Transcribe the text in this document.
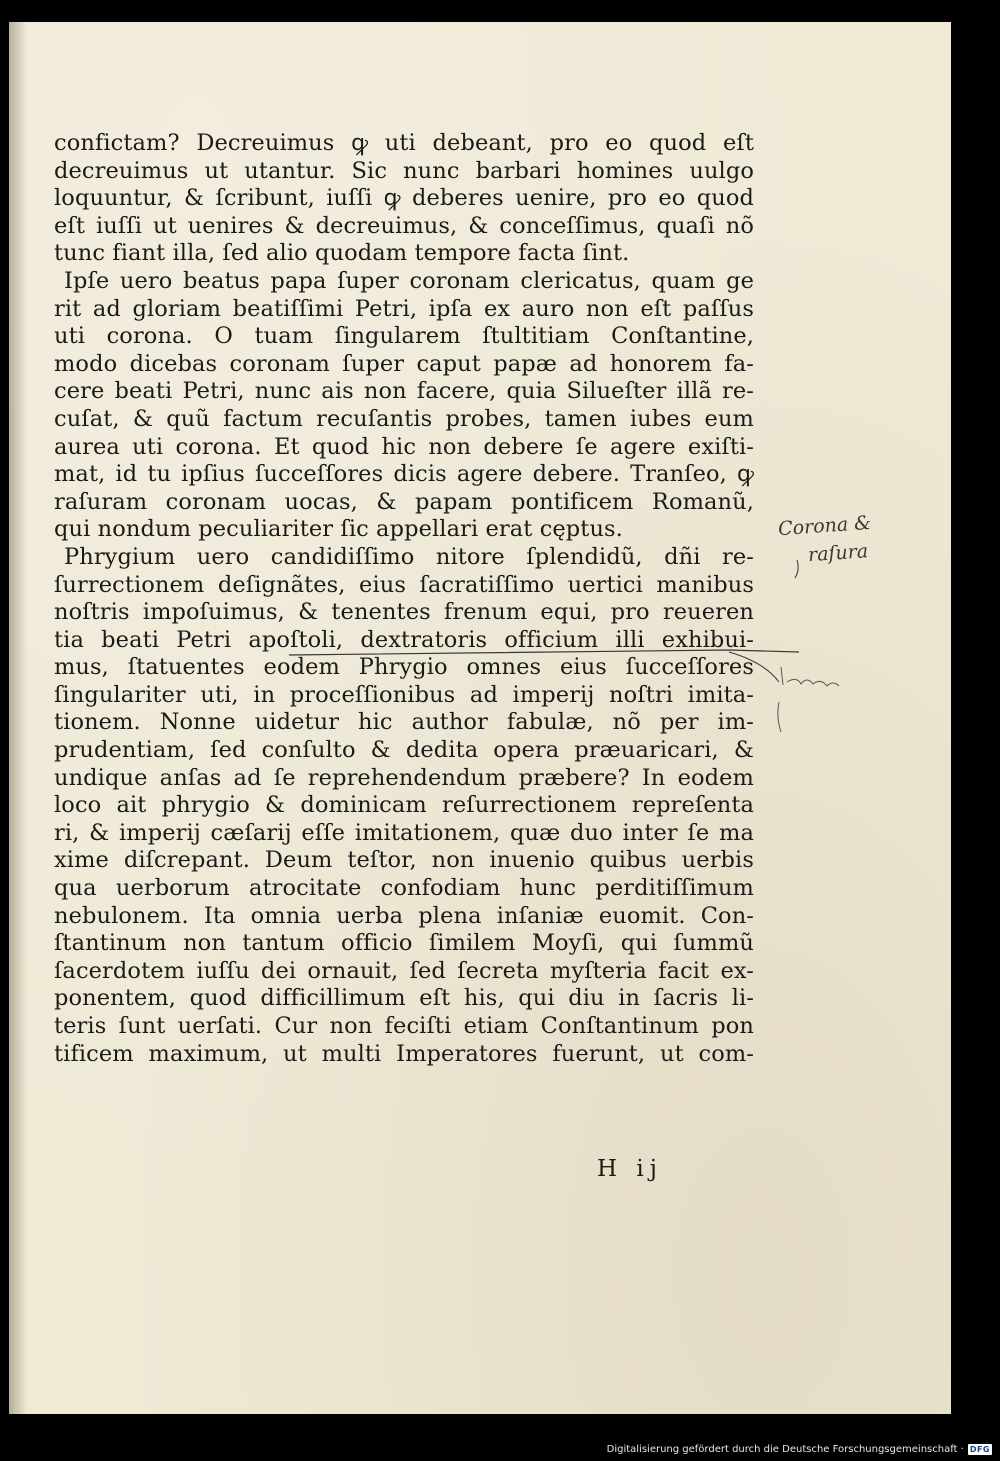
confictam? Decreuimus ꝙ uti debeant, pro eo quod eſt
decreuimus ut utantur. Sic nunc barbari homines uulgo
loquuntur, & ſcribunt, iuſſi ꝙ deberes uenire, pro eo quod
eſt iuſſi ut uenires & decreuimus, & conceſſimus, quaſi nõ
tunc fiant illa, ſed alio quodam tempore facta ſint.
Ipſe uero beatus papa ſuper coronam clericatus, quam ge
rit ad gloriam beatiſſimi Petri, ipſa ex auro non eſt paſſus
uti corona. O tuam ſingularem ſtultitiam Conſtantine,
modo dicebas coronam ſuper caput papæ ad honorem fa-
cere beati Petri, nunc ais non facere, quia Silueſter illã re-
cuſat, & quũ factum recuſantis probes, tamen iubes eum
aurea uti corona. Et quod hic non debere ſe agere exiſti-
mat, id tu ipſius ſucceſſores dicis agere debere. Tranſeo, ꝙ
raſuram coronam uocas, & papam pontificem Romanũ,
qui nondum peculiariter ſic appellari erat cęptus.
Phrygium uero candidiſſimo nitore ſplendidũ, dñi re-
ſurrectionem deſignãtes, eius ſacratiſſimo uertici manibus
noſtris impoſuimus, & tenentes frenum equi, pro reueren
tia beati Petri apoſtoli, dextratoris officium illi exhibui-
mus, ſtatuentes eodem Phrygio omnes eius ſucceſſores
ſingulariter uti, in proceſſionibus ad imperij noſtri imita-
tionem. Nonne uidetur hic author fabulæ, nõ per im-
prudentiam, ſed conſulto & dedita opera præuaricari, &
undique anſas ad ſe reprehendendum præbere? In eodem
loco ait phrygio & dominicam reſurrectionem repreſenta
ri, & imperij cæſarij eſſe imitationem, quæ duo inter ſe ma
xime diſcrepant. Deum teſtor, non inuenio quibus uerbis
qua uerborum atrocitate confodiam hunc perditiſſimum
nebulonem. Ita omnia uerba plena inſaniæ euomit. Con-
ſtantinum non tantum officio ſimilem Moyſi, qui ſummũ
ſacerdotem iuſſu dei ornauit, ſed ſecreta myſteria facit ex-
ponentem, quod difficillimum eſt his, qui diu in ſacris li-
teris ſunt uerſati. Cur non feciſti etiam Conſtantinum pon
tificem maximum, ut multi Imperatores fuerunt, ut com-
H ij
Corona &
raſura
Digitalisierung gefördert durch die Deutsche Forschungsgemeinschaft · DFG
